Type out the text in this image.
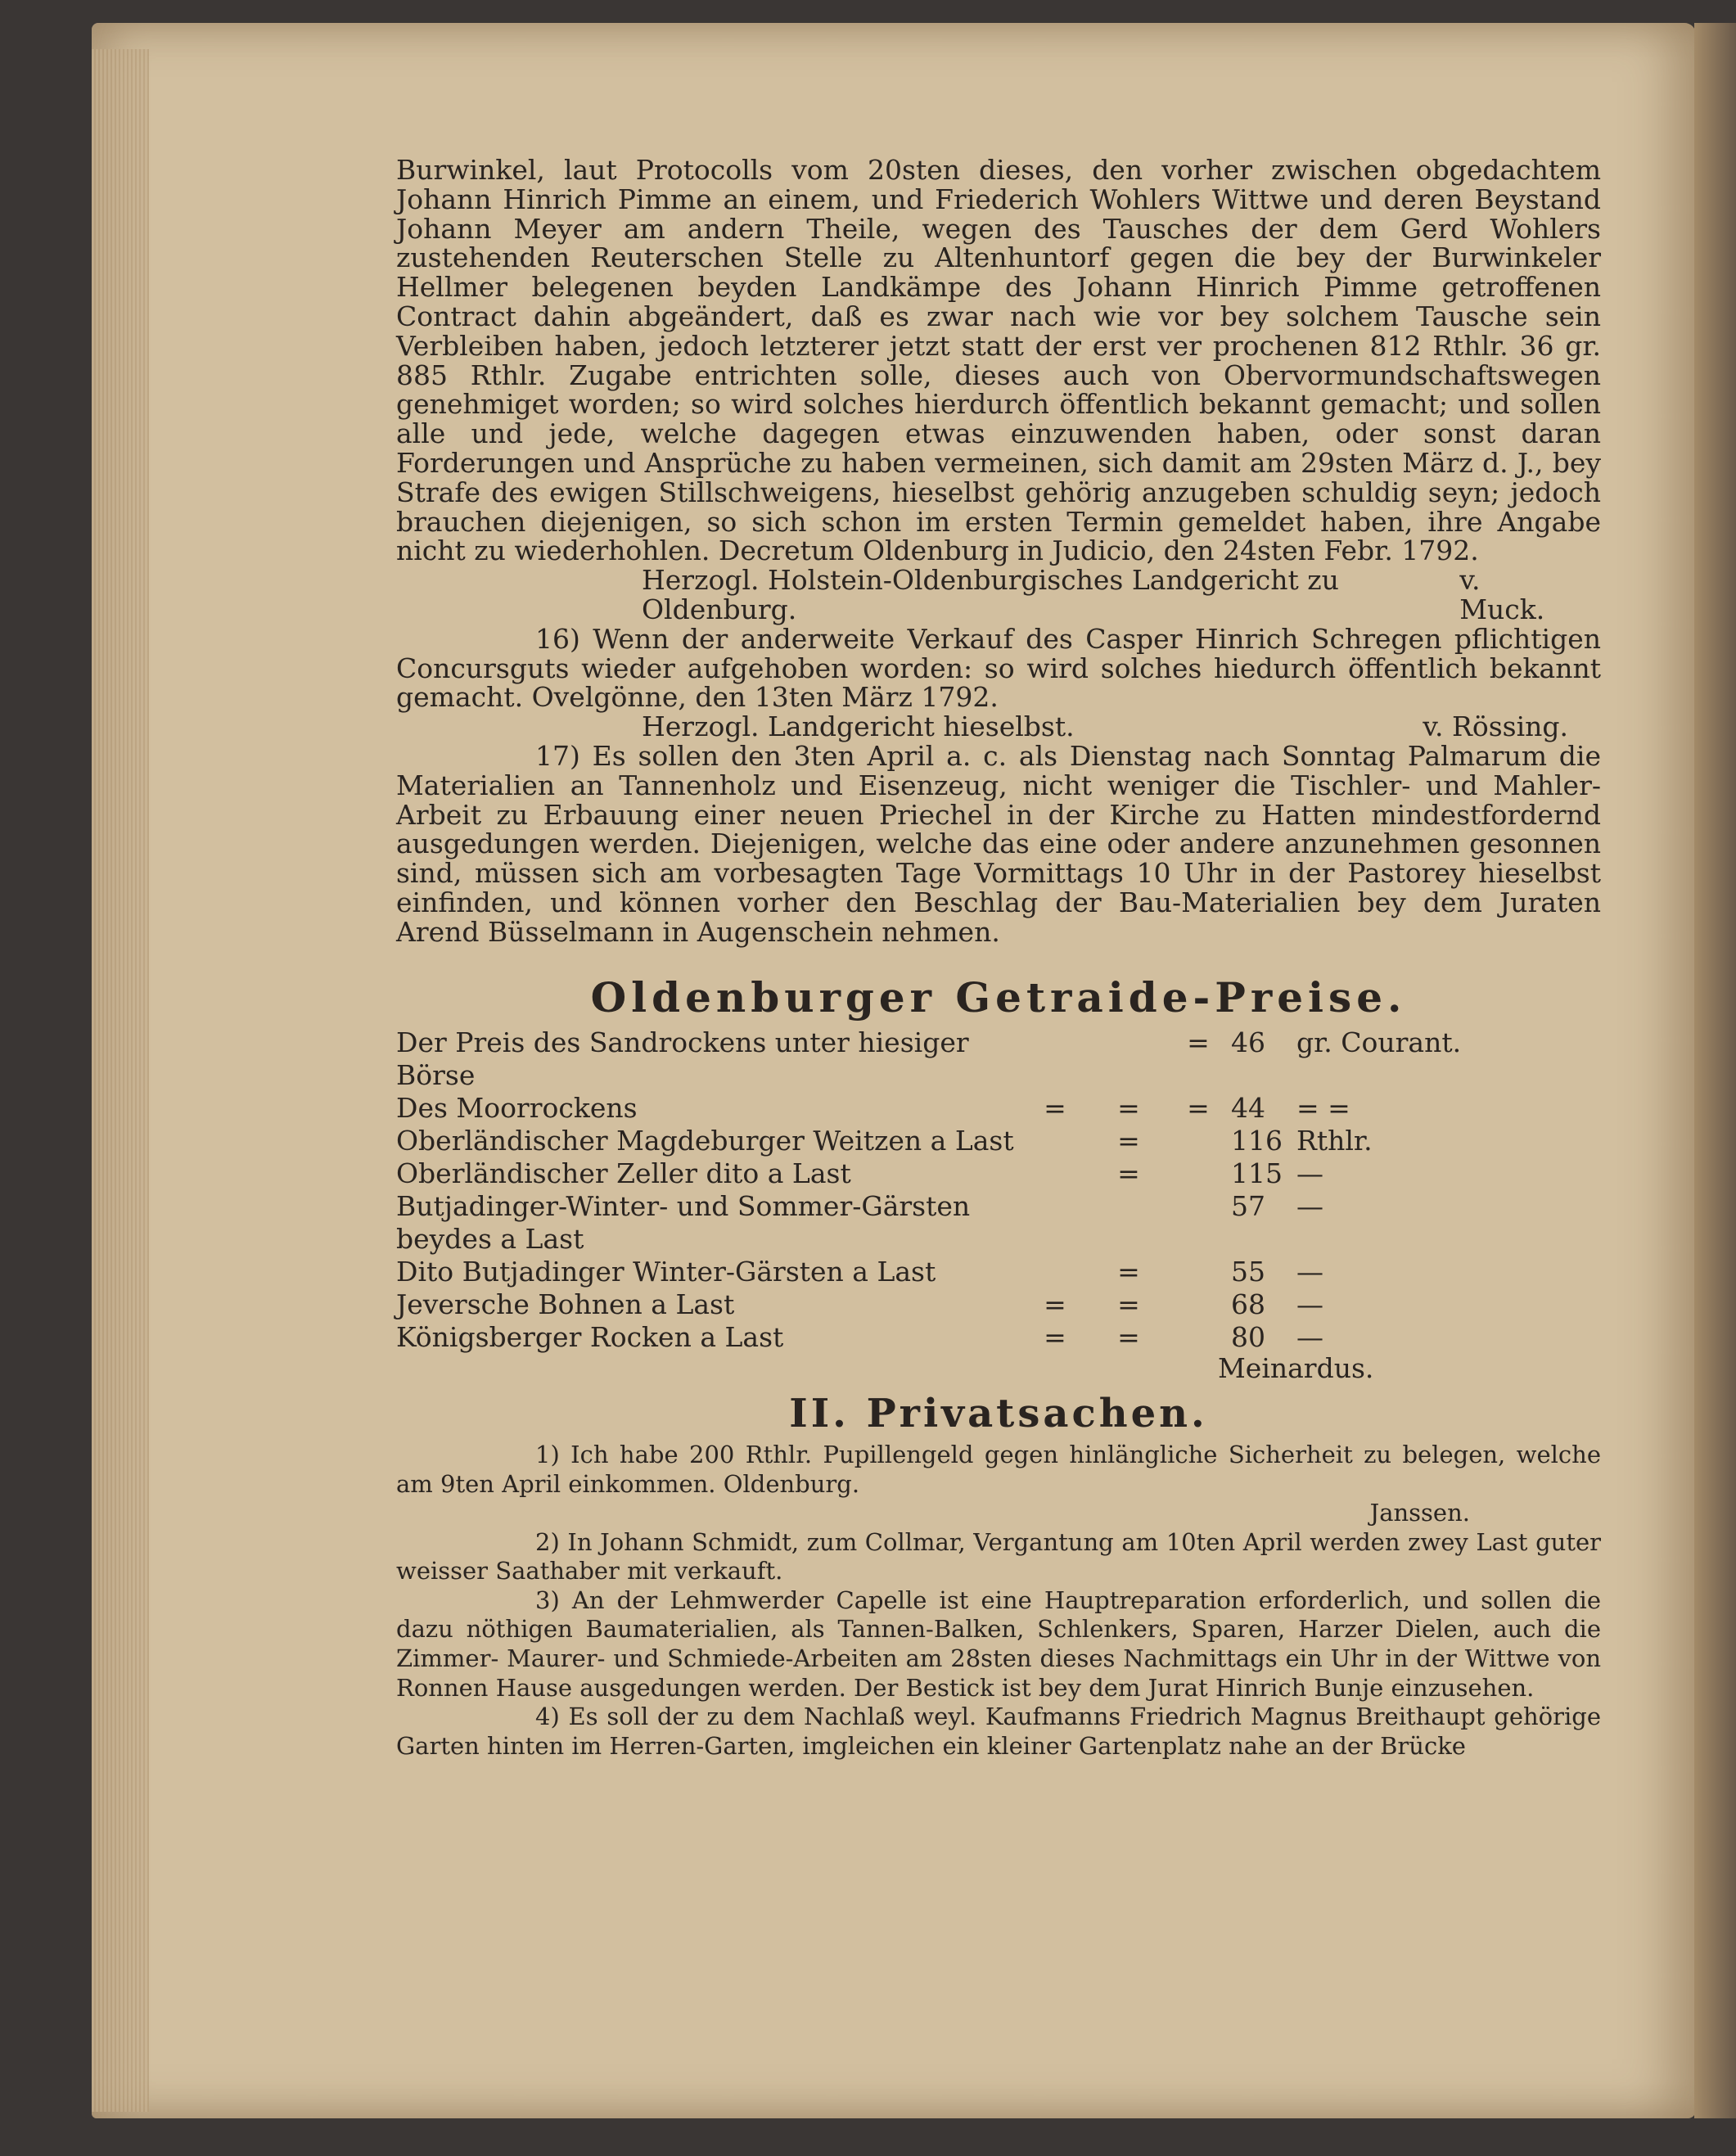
Burwinkel, laut Protocolls vom 20sten dieses, den vorher zwischen obgedachtem Johann Hinrich Pimme an einem, und Friederich Wohlers Wittwe und deren Beystand Johann Meyer am andern Theile, wegen des Tausches der dem Gerd Wohlers zustehenden Reuterschen Stelle zu Altenhuntorf gegen die bey der Burwinkeler Hellmer belegenen beyden Landkämpe des Johann Hinrich Pimme getroffenen Contract dahin abgeändert, daß es zwar nach wie vor bey solchem Tausche sein Verbleiben haben, jedoch letzterer jetzt statt der erst ver prochenen 812 Rthlr. 36 gr. 885 Rthlr. Zugabe entrichten solle, dieses auch von Obervormundschaftswegen genehmiget worden; so wird solches hierdurch öffentlich bekannt gemacht; und sollen alle und jede, welche dagegen etwas einzuwenden haben, oder sonst daran Forderungen und Ansprüche zu haben vermeinen, sich damit am 29sten März d. J., bey Strafe des ewigen Stillschweigens, hieselbst gehörig anzugeben schuldig seyn; jedoch brauchen diejenigen, so sich schon im ersten Termin gemeldet haben, ihre Angabe nicht zu wiederhohlen. Decretum Oldenburg in Judicio, den 24sten Febr. 1792.

Herzogl. Holstein-Oldenburgisches Landgericht zu Oldenburg.
v. Muck.

16) Wenn der anderweite Verkauf des Casper Hinrich Schregen pflichtigen Concursguts wieder aufgehoben worden: so wird solches hiedurch öffentlich bekannt gemacht. Ovelgönne, den 13ten März 1792.

Herzogl. Landgericht hieselbst.	v. Rössing.

17) Es sollen den 3ten April a. c. als Dienstag nach Sonntag Palmarum die Materialien an Tannenholz und Eisenzeug, nicht weniger die Tischler- und Mahler-Arbeit zu Erbauung einer neuen Priechel in der Kirche zu Hatten mindestfordernd ausgedungen werden. Diejenigen, welche das eine oder andere anzunehmen gesonnen sind, müssen sich am vorbesagten Tage Vormittags 10 Uhr in der Pastorey hieselbst einfinden, und können vorher den Beschlag der Bau-Materialien bey dem Juraten Arend Büsselmann in Augenschein nehmen.

Oldenburger Getraide-Preise.
Der Preis des Sandrockens unter hiesiger Börse			=	46	gr. Courant.
Des Moorrockens	=	=	=	44	= =
Oberländischer Magdeburger Weitzen a Last		=		116	Rthlr.
Oberländischer Zeller dito a Last		=		115	—
Butjadinger-Winter- und Sommer-Gärsten beydes a Last				57	—
Dito Butjadinger Winter-Gärsten a Last		=		55	—
Jeversche Bohnen a Last	=	=		68	—
Königsberger Rocken a Last	=	=		80	—
Meinardus.
II. Privatsachen.

1) Ich habe 200 Rthlr. Pupillengeld gegen hinlängliche Sicherheit zu belegen, welche am 9ten April einkommen. Oldenburg.

Janssen.

2) In Johann Schmidt, zum Collmar, Vergantung am 10ten April werden zwey Last guter weisser Saathaber mit verkauft.

3) An der Lehmwerder Capelle ist eine Hauptreparation erforderlich, und sollen die dazu nöthigen Baumaterialien, als Tannen-Balken, Schlenkers, Sparen, Harzer Dielen, auch die Zimmer- Maurer- und Schmiede-Arbeiten am 28sten dieses Nachmittags ein Uhr in der Wittwe von Ronnen Hause ausgedungen werden. Der Bestick ist bey dem Jurat Hinrich Bunje einzusehen.

4) Es soll der zu dem Nachlaß weyl. Kaufmanns Friedrich Magnus Breithaupt gehörige Garten hinten im Herren-Garten, imgleichen ein kleiner Gartenplatz nahe an der Brücke
